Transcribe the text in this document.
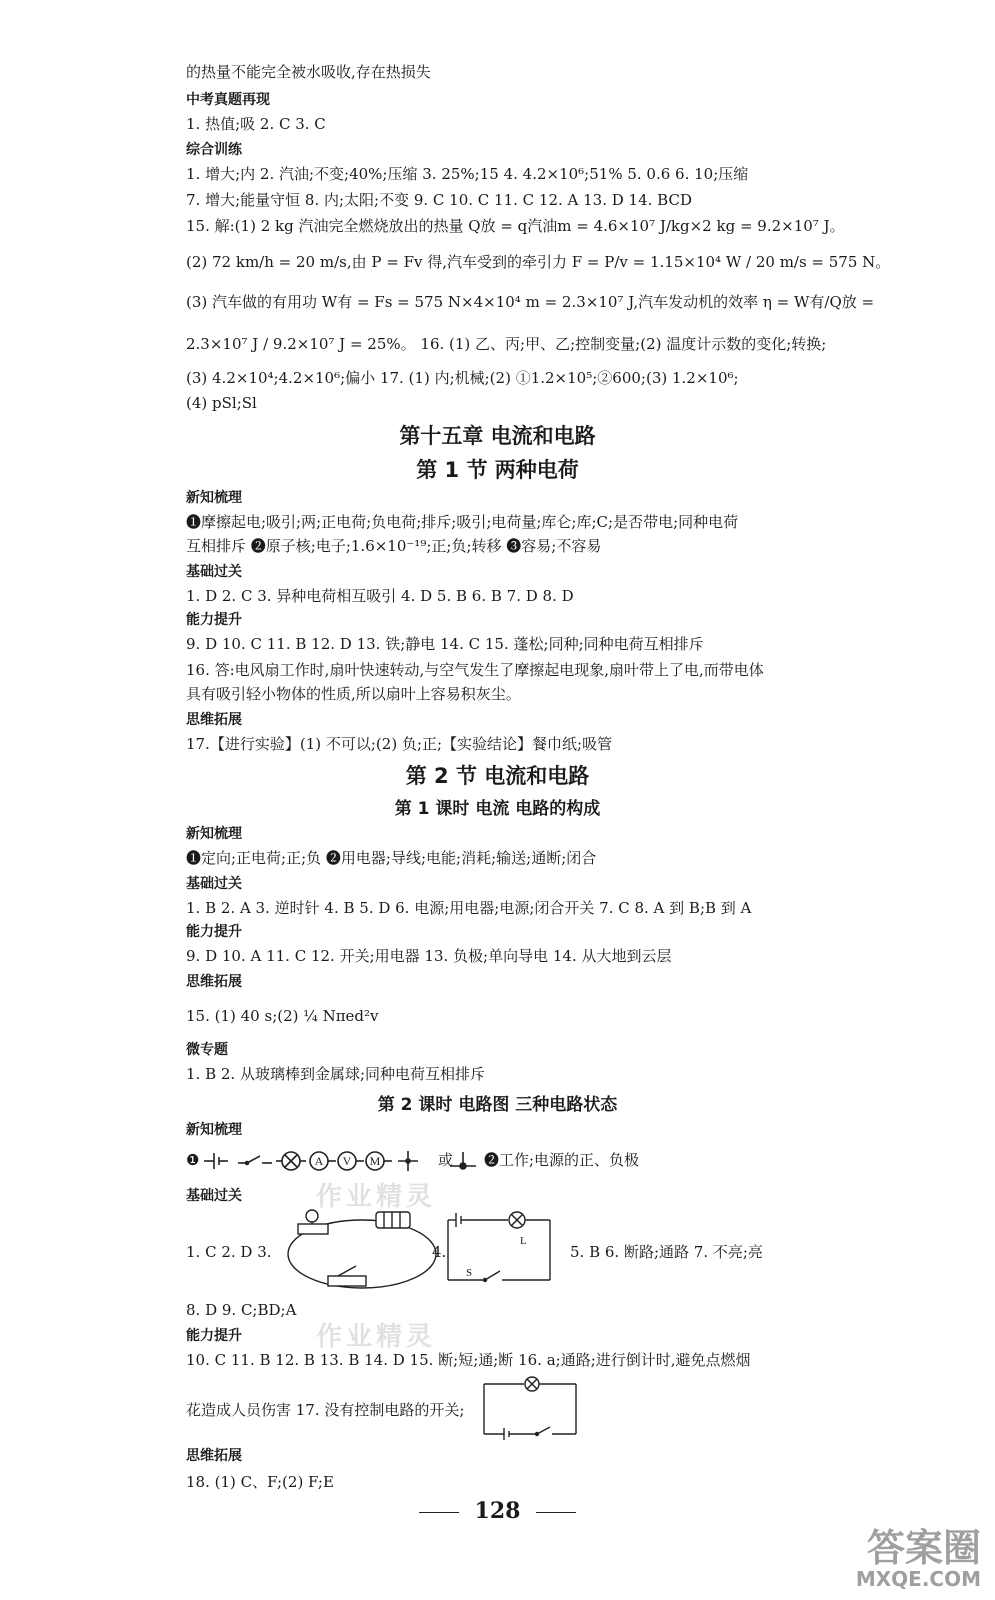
的热量不能完全被水吸收,存在热损失
中考真题再现
1. 热值;吸 2. C 3. C
综合训练
1. 增大;内 2. 汽油;不变;40%;压缩 3. 25%;15 4. 4.2×10⁶;51% 5. 0.6 6. 10;压缩
7. 增大;能量守恒 8. 内;太阳;不变 9. C 10. C 11. C 12. A 13. D 14. BCD
15. 解:(1) 2 kg 汽油完全燃烧放出的热量 Q放 = q汽油m = 4.6×10⁷ J/kg×2 kg = 9.2×10⁷ J。
(2) 72 km/h = 20 m/s,由 P = Fv 得,汽车受到的牵引力 F = P/v = 1.15×10⁴ W / 20 m/s = 575 N。
(3) 汽车做的有用功 W有 = Fs = 575 N×4×10⁴ m = 2.3×10⁷ J,汽车发动机的效率 η = W有/Q放 =
2.3×10⁷ J / 9.2×10⁷ J = 25%。 16. (1) 乙、丙;甲、乙;控制变量;(2) 温度计示数的变化;转换;
(3) 4.2×10⁴;4.2×10⁶;偏小 17. (1) 内;机械;(2) ①1.2×10⁵;②600;(3) 1.2×10⁶;
(4) pSl;Sl
第十五章 电流和电路
第 1 节 两种电荷
新知梳理
❶摩擦起电;吸引;两;正电荷;负电荷;排斥;吸引;电荷量;库仑;库;C;是否带电;同种电荷
互相排斥 ❷原子核;电子;1.6×10⁻¹⁹;正;负;转移 ❸容易;不容易
基础过关
1. D 2. C 3. 异种电荷相互吸引 4. D 5. B 6. B 7. D 8. D
能力提升
9. D 10. C 11. B 12. D 13. 铁;静电 14. C 15. 蓬松;同种;同种电荷互相排斥
16. 答:电风扇工作时,扇叶快速转动,与空气发生了摩擦起电现象,扇叶带上了电,而带电体
具有吸引轻小物体的性质,所以扇叶上容易积灰尘。
思维拓展
17.【进行实验】(1) 不可以;(2) 负;正;【实验结论】餐巾纸;吸管
第 2 节 电流和电路
第 1 课时 电流 电路的构成
新知梳理
❶定向;正电荷;正;负 ❷用电器;导线;电能;消耗;输送;通断;闭合
基础过关
1. B 2. A 3. 逆时针 4. B 5. D 6. 电源;用电器;电源;闭合开关 7. C 8. A 到 B;B 到 A
能力提升
9. D 10. A 11. C 12. 开关;用电器 13. 负极;单向导电 14. 从大地到云层
思维拓展
15. (1) 40 s;(2) ¼ Nπed²v
微专题
1. B 2. 从玻璃棒到金属球;同种电荷互相排斥
第 2 课时 电路图 三种电路状态
新知梳理
❶	A V M	或 ❷工作;电源的正、负极
基础过关
1. C 2. D 3.	4.
L
S
5. B 6. 断路;通路 7. 不亮;亮
8. D 9. C;BD;A
能力提升
10. C 11. B 12. B 13. B 14. D 15. 断;短;通;断 16. a;通路;进行倒计时,避免点燃烟
花造成人员伤害 17. 没有控制电路的开关;
思维拓展
18. (1) C、F;(2) F;E
128
作业精灵
作业精灵
答案圈
MXQE.COM
